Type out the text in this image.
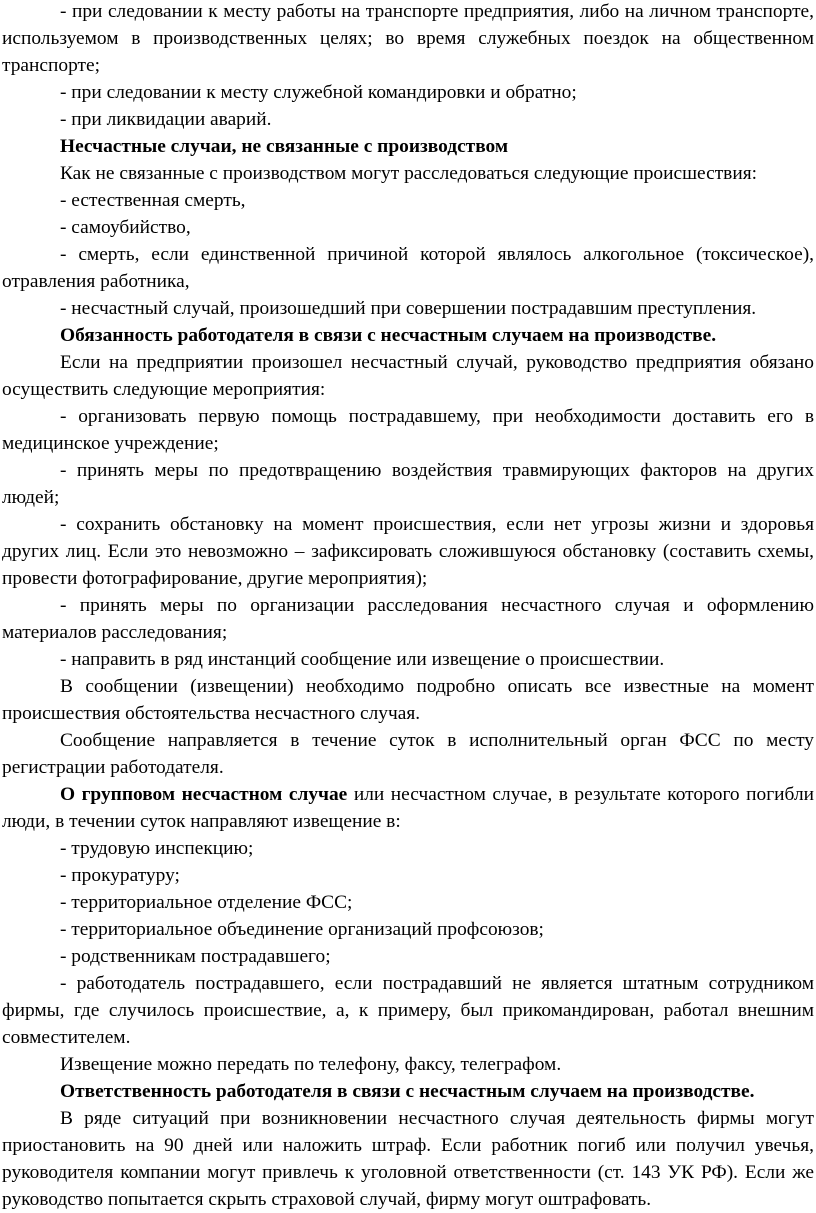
- при следовании к месту работы на транспорте предприятия, либо на личном транспорте, используемом в производственных целях; во время служебных поездок на общественном транспорте;

- при следовании к месту служебной командировки и обратно;

- при ликвидации аварий.

Несчастные случаи, не связанные с производством

Как не связанные с производством могут расследоваться следующие происшествия:

- естественная смерть,

- самоубийство,

- смерть, если единственной причиной которой являлось алкогольное (токсическое), отравления работника,

- несчастный случай, произошедший при совершении пострадавшим преступления.

Обязанность работодателя в связи с несчастным случаем на производстве.

Если на предприятии произошел несчастный случай, руководство предприятия обязано осуществить следующие мероприятия:

- организовать первую помощь пострадавшему, при необходимости доставить его в медицинское учреждение;

- принять меры по предотвращению воздействия травмирующих факторов на других людей;

- сохранить обстановку на момент происшествия, если нет угрозы жизни и здоровья других лиц. Если это невозможно – зафиксировать сложившуюся обстановку (составить схемы, провести фотографирование, другие мероприятия);

- принять меры по организации расследования несчастного случая и оформлению материалов расследования;

- направить в ряд инстанций сообщение или извещение о происшествии.

В сообщении (извещении) необходимо подробно описать все известные на момент происшествия обстоятельства несчастного случая.

Сообщение направляется в течение суток в исполнительный орган ФСС по месту регистрации работодателя.

О групповом несчастном случае или несчастном случае, в результате которого погибли люди, в течении суток направляют извещение в:

- трудовую инспекцию;

- прокуратуру;

- территориальное отделение ФСС;

- территориальное объединение организаций профсоюзов;

- родственникам пострадавшего;

- работодатель пострадавшего, если пострадавший не является штатным сотрудником фирмы, где случилось происшествие, а, к примеру, был прикомандирован, работал внешним совместителем.

Извещение можно передать по телефону, факсу, телеграфом.

Ответственность работодателя в связи с несчастным случаем на производстве.

В ряде ситуаций при возникновении несчастного случая деятельность фирмы могут приостановить на 90 дней или наложить штраф. Если работник погиб или получил увечья, руководителя компании могут привлечь к уголовной ответственности (ст. 143 УК РФ). Если же руководство попытается скрыть страховой случай, фирму могут оштрафовать.
